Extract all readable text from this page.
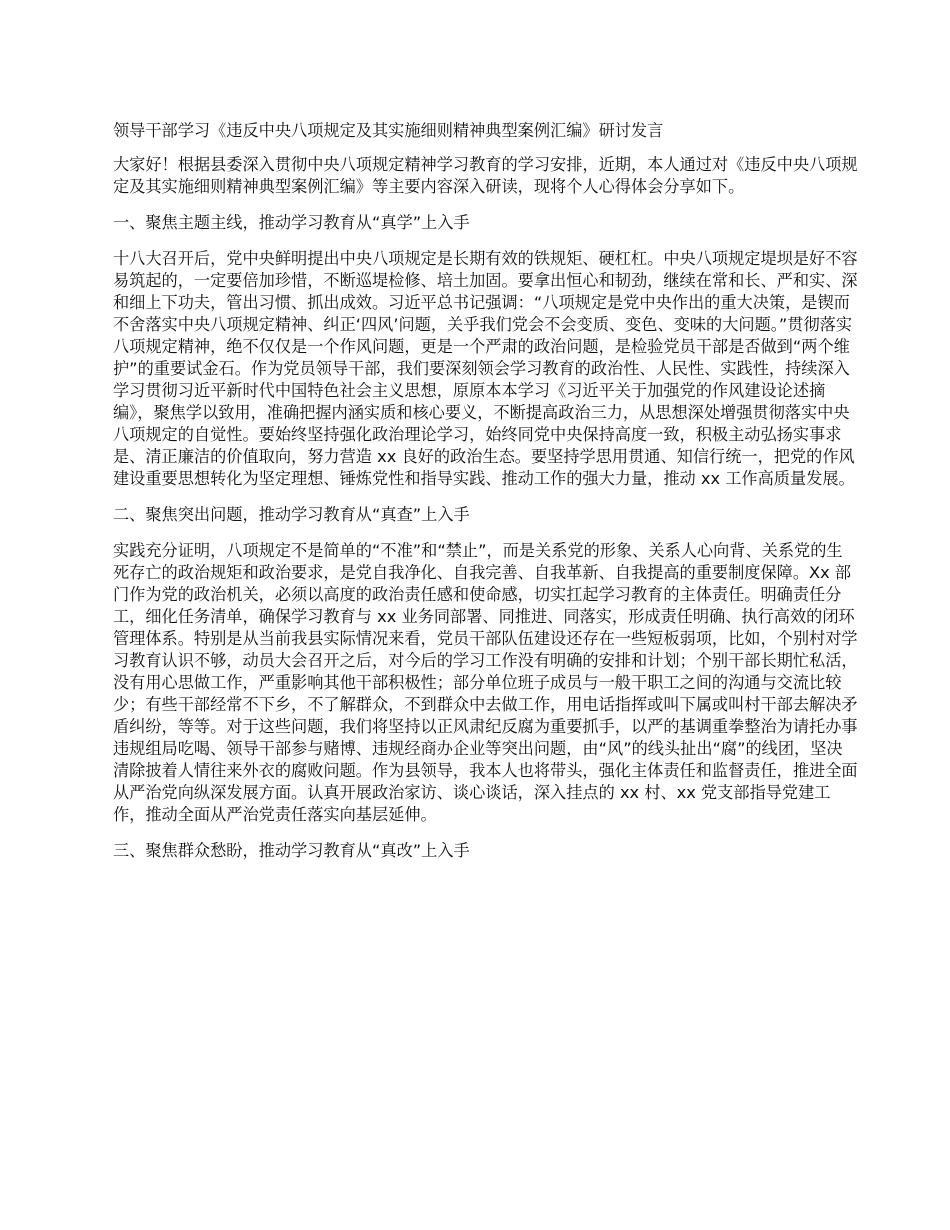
领导干部学习《违反中央八项规定及其实施细则精神典型案例汇编》研讨发言

大家好！根据县委深入贯彻中央八项规定精神学习教育的学习安排，近期，本人通过对《违反中央八项规定及其实施细则精神典型案例汇编》等主要内容深入研读，现将个人心得体会分享如下。

一、聚焦主题主线，推动学习教育从“真学”上入手

十八大召开后，党中央鲜明提出中央八项规定是长期有效的铁规矩、硬杠杠。中央八项规定堤坝是好不容易筑起的，一定要倍加珍惜，不断巡堤检修、培土加固。要拿出恒心和韧劲，继续在常和长、严和实、深和细上下功夫，管出习惯、抓出成效。习近平总书记强调：“八项规定是党中央作出的重大决策，是锲而不舍落实中央八项规定精神、纠正‘四风’问题，关乎我们党会不会变质、变色、变味的大问题。”贯彻落实八项规定精神，绝不仅仅是一个作风问题，更是一个严肃的政治问题，是检验党员干部是否做到“两个维护”的重要试金石。作为党员领导干部，我们要深刻领会学习教育的政治性、人民性、实践性，持续深入学习贯彻习近平新时代中国特色社会主义思想，原原本本学习《习近平关于加强党的作风建设论述摘编》，聚焦学以致用，准确把握内涵实质和核心要义，不断提高政治三力，从思想深处增强贯彻落实中央八项规定的自觉性。要始终坚持强化政治理论学习，始终同党中央保持高度一致，积极主动弘扬实事求是、清正廉洁的价值取向，努力营造 xx 良好的政治生态。要坚持学思用贯通、知信行统一，把党的作风建设重要思想转化为坚定理想、锤炼党性和指导实践、推动工作的强大力量，推动 xx 工作高质量发展。

二、聚焦突出问题，推动学习教育从“真查”上入手

实践充分证明，八项规定不是简单的“不准”和“禁止”，而是关系党的形象、关系人心向背、关系党的生死存亡的政治规矩和政治要求，是党自我净化、自我完善、自我革新、自我提高的重要制度保障。Xx 部门作为党的政治机关，必须以高度的政治责任感和使命感，切实扛起学习教育的主体责任。明确责任分工，细化任务清单，确保学习教育与 xx 业务同部署、同推进、同落实，形成责任明确、执行高效的闭环管理体系。特别是从当前我县实际情况来看，党员干部队伍建设还存在一些短板弱项，比如，个别村对学习教育认识不够，动员大会召开之后，对今后的学习工作没有明确的安排和计划；个别干部长期忙私活，没有用心思做工作，严重影响其他干部积极性；部分单位班子成员与一般干职工之间的沟通与交流比较少；有些干部经常不下乡，不了解群众，不到群众中去做工作，用电话指挥或叫下属或叫村干部去解决矛盾纠纷，等等。对于这些问题，我们将坚持以正风肃纪反腐为重要抓手，以严的基调重拳整治为请托办事违规组局吃喝、领导干部参与赌博、违规经商办企业等突出问题，由“风”的线头扯出“腐”的线团，坚决清除披着人情往来外衣的腐败问题。作为县领导，我本人也将带头，强化主体责任和监督责任，推进全面从严治党向纵深发展方面。认真开展政治家访、谈心谈话，深入挂点的 xx 村、xx 党支部指导党建工作，推动全面从严治党责任落实向基层延伸。

三、聚焦群众愁盼，推动学习教育从“真改”上入手
